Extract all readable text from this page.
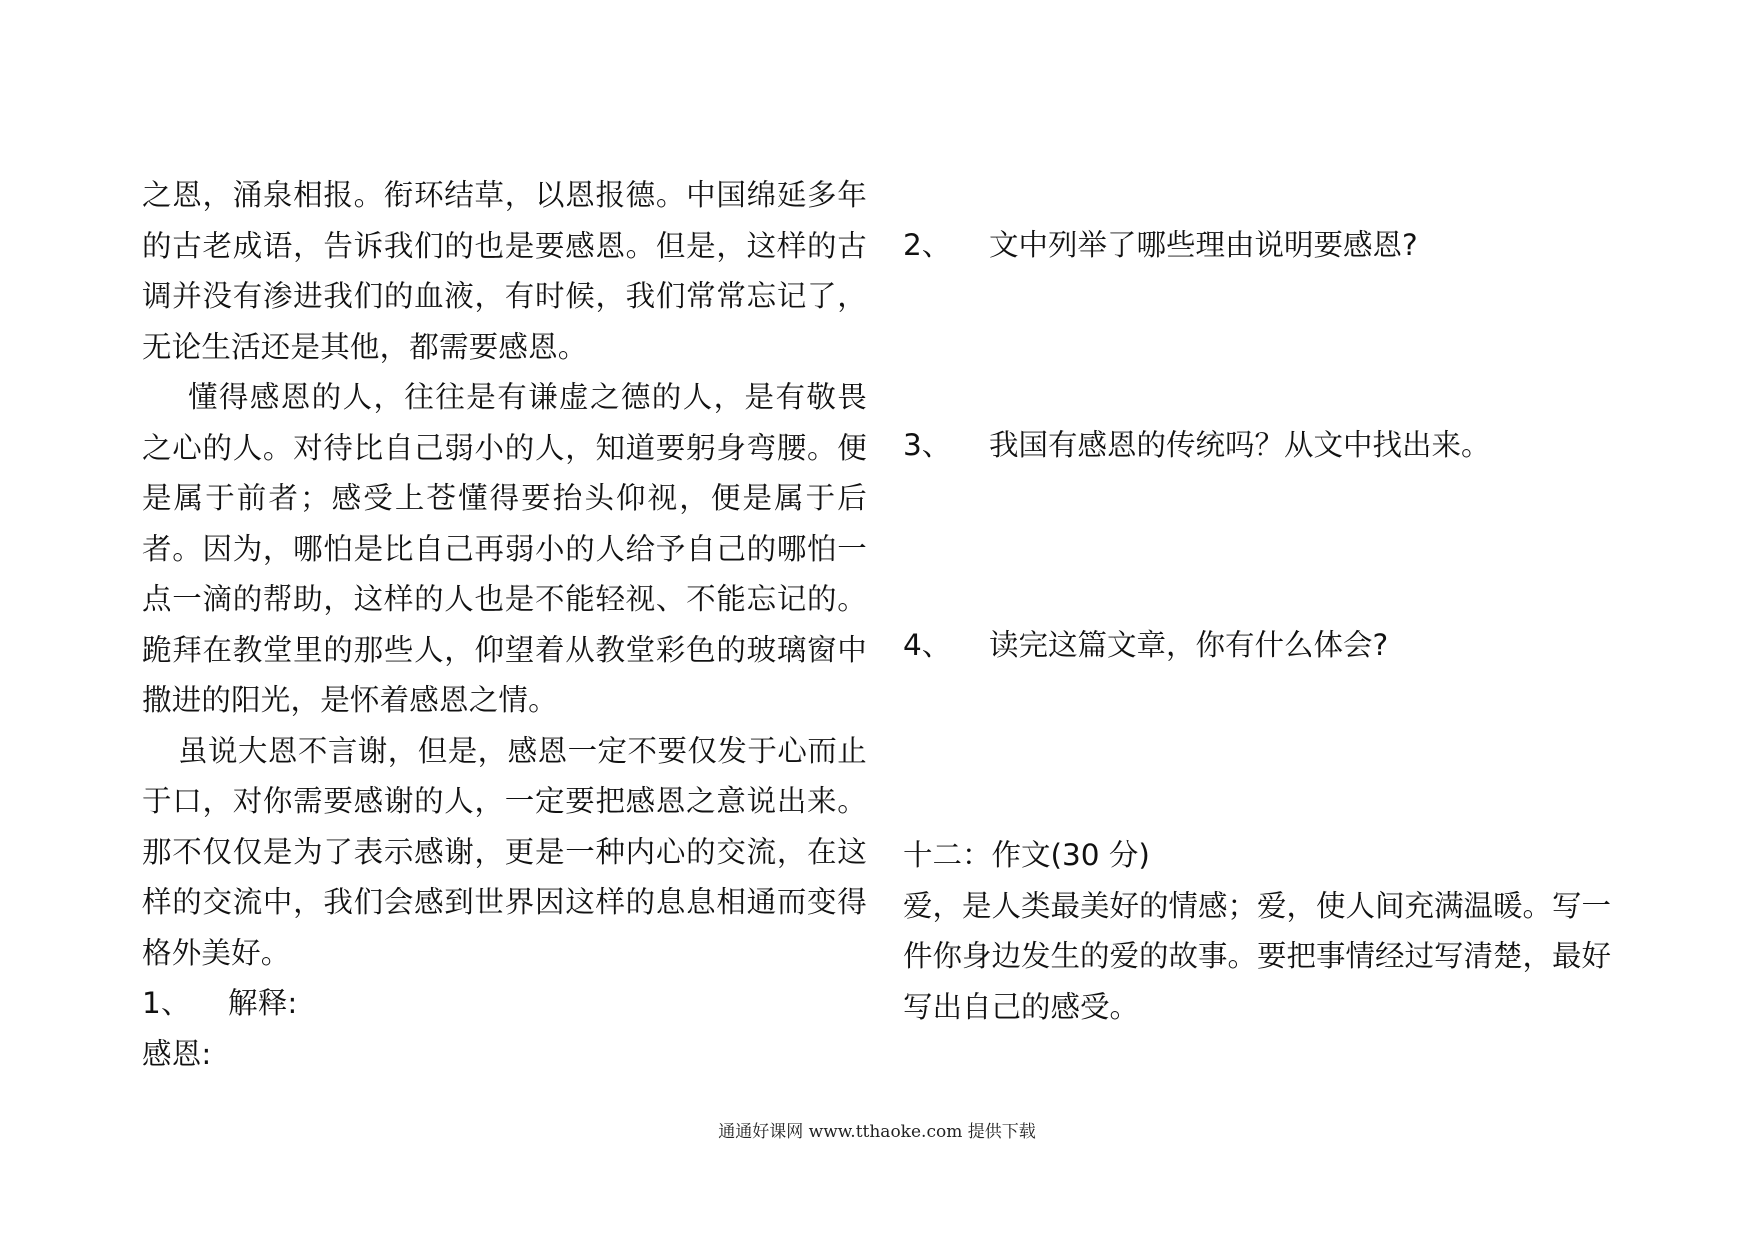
之恩，涌泉相报。衔环结草，以恩报德。中国绵延多年的古老成语，告诉我们的也是要感恩。但是，这样的古调并没有渗进我们的血液，有时候，我们常常忘记了，无论生活还是其他，都需要感恩。

懂得感恩的人，往往是有谦虚之德的人，是有敬畏之心的人。对待比自己弱小的人，知道要躬身弯腰。便是属于前者；感受上苍懂得要抬头仰视，便是属于后者。因为，哪怕是比自己再弱小的人给予自己的哪怕一点一滴的帮助，这样的人也是不能轻视、不能忘记的。跪拜在教堂里的那些人，仰望着从教堂彩色的玻璃窗中撒进的阳光，是怀着感恩之情。

虽说大恩不言谢，但是，感恩一定不要仅发于心而止于口，对你需要感谢的人，一定要把感恩之意说出来。那不仅仅是为了表示感谢，更是一种内心的交流，在这样的交流中，我们会感到世界因这样的息息相通而变得格外美好。

1、 解释:
感恩:
2、 文中列举了哪些理由说明要感恩?
3、 我国有感恩的传统吗？从文中找出来。
4、 读完这篇文章，你有什么体会?

十二：作文(30 分)

爱，是人类最美好的情感；爱，使人间充满温暖。写一件你身边发生的爱的故事。要把事情经过写清楚，最好写出自己的感受。

通通好课网 www.tthaoke.com 提供下载
